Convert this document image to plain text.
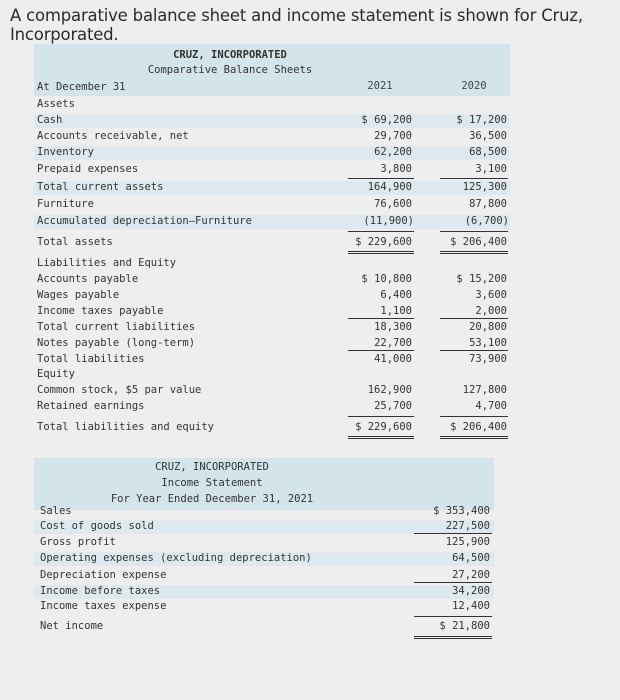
A comparative balance sheet and income statement is shown for Cruz, Incorporated.
CRUZ, INCORPORATED
Comparative Balance Sheets
At December 31	2021	2020
Assets
Cash
Accounts receivable, net
Inventory
Prepaid expenses
Total current assets
Furniture
Accumulated depreciation—Furniture
Total assets
Liabilities and Equity
Accounts payable
Wages payable
Income taxes payable
Total current liabilities
Notes payable (long-term)
Total liabilities
Equity
Common stock, $5 par value
Retained earnings
Total liabilities and equity
$ 69,200
29,700
62,200
3,800
164,900
76,600
(11,900)
$ 229,600
$ 10,800
6,400
1,100
18,300
22,700
41,000
162,900
25,700
$ 229,600
$ 17,200
36,500
68,500
3,100
125,300
87,800
(6,700)
$ 206,400
$ 15,200
3,600
2,000
20,800
53,100
73,900
127,800
4,700
$ 206,400
CRUZ, INCORPORATED
Income Statement
For Year Ended December 31, 2021
Sales
Cost of goods sold
Gross profit
Operating expenses (excluding depreciation)
Depreciation expense
Income before taxes
Income taxes expense
Net income
$ 353,400
227,500
125,900
64,500
27,200
34,200
12,400
$ 21,800
